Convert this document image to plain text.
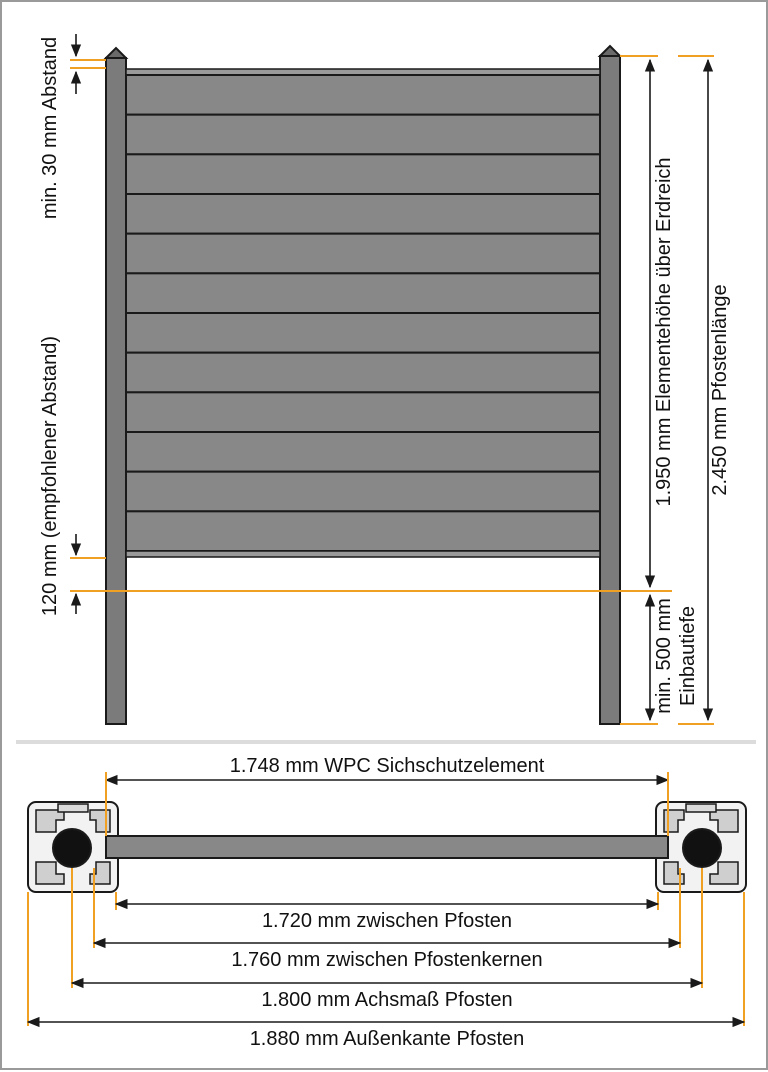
min. 30 mm Abstand
120 mm (empfohlener Abstand)	1.950 mm Elementehöhe über Erdreich 2.450 mm Pfostenlänge
min. 500 mm Einbautiefe
1.748 mm WPC Sichschutzelement
1.720 mm zwischen Pfosten
1.760 mm zwischen Pfostenkernen
1.800 mm Achsmaß Pfosten
1.880 mm Außenkante Pfosten
